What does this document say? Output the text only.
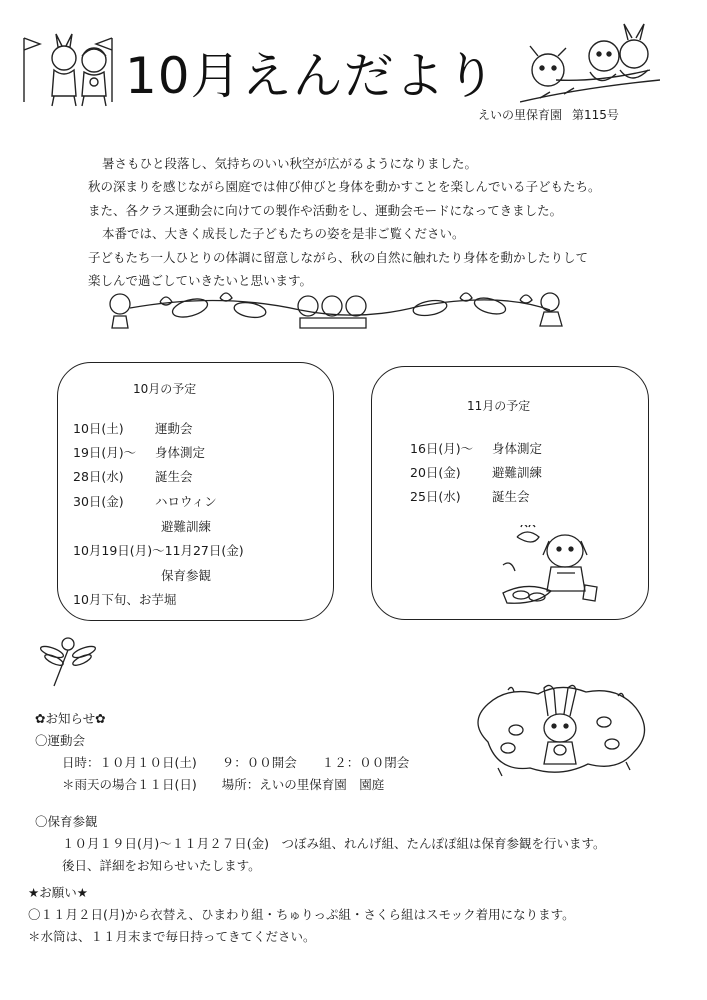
10月えんだより
えいの里保育園 第115号

暑さもひと段落し、気持ちのいい秋空が広がるようになりました。

秋の深まりを感じながら園庭では伸び伸びと身体を動かすことを楽しんでいる子どもたち。

また、各クラス運動会に向けての製作や活動をし、運動会モードになってきました。

本番では、大きく成長した子どもたちの姿を是非ご覧ください。

子どもたち一人ひとりの体調に留意しながら、秋の自然に触れたり身体を動かしたりして

楽しんで過ごしていきたいと思います。

10月の予定
10日(土)	運動会
19日(月)～ 身体測定
28日(水)	誕生会
30日(金)	ハロウィン
避難訓練
10月19日(月)～11月27日(金)
保育参観
10月下旬、お芋堀
11月の予定
16日(月)～ 身体測定
20日(金)	避難訓練
25日(水)	誕生会
✿お知らせ✿
〇運動会
日時：１０月１０日(土)　　９：００開会　　１２：００閉会
＊雨天の場合１１日(日)　　場所：えいの里保育園　園庭
〇保育参観
１０月１９日(月)～１１月２７日(金)　つぼみ組、れんげ組、たんぽぽ組は保育参観を行います。
後日、詳細をお知らせいたします。
★お願い★
〇１１月２日(月)から衣替え、ひまわり組・ちゅりっぷ組・さくら組はスモック着用になります。
＊水筒は、１１月末まで毎日持ってきてください。
